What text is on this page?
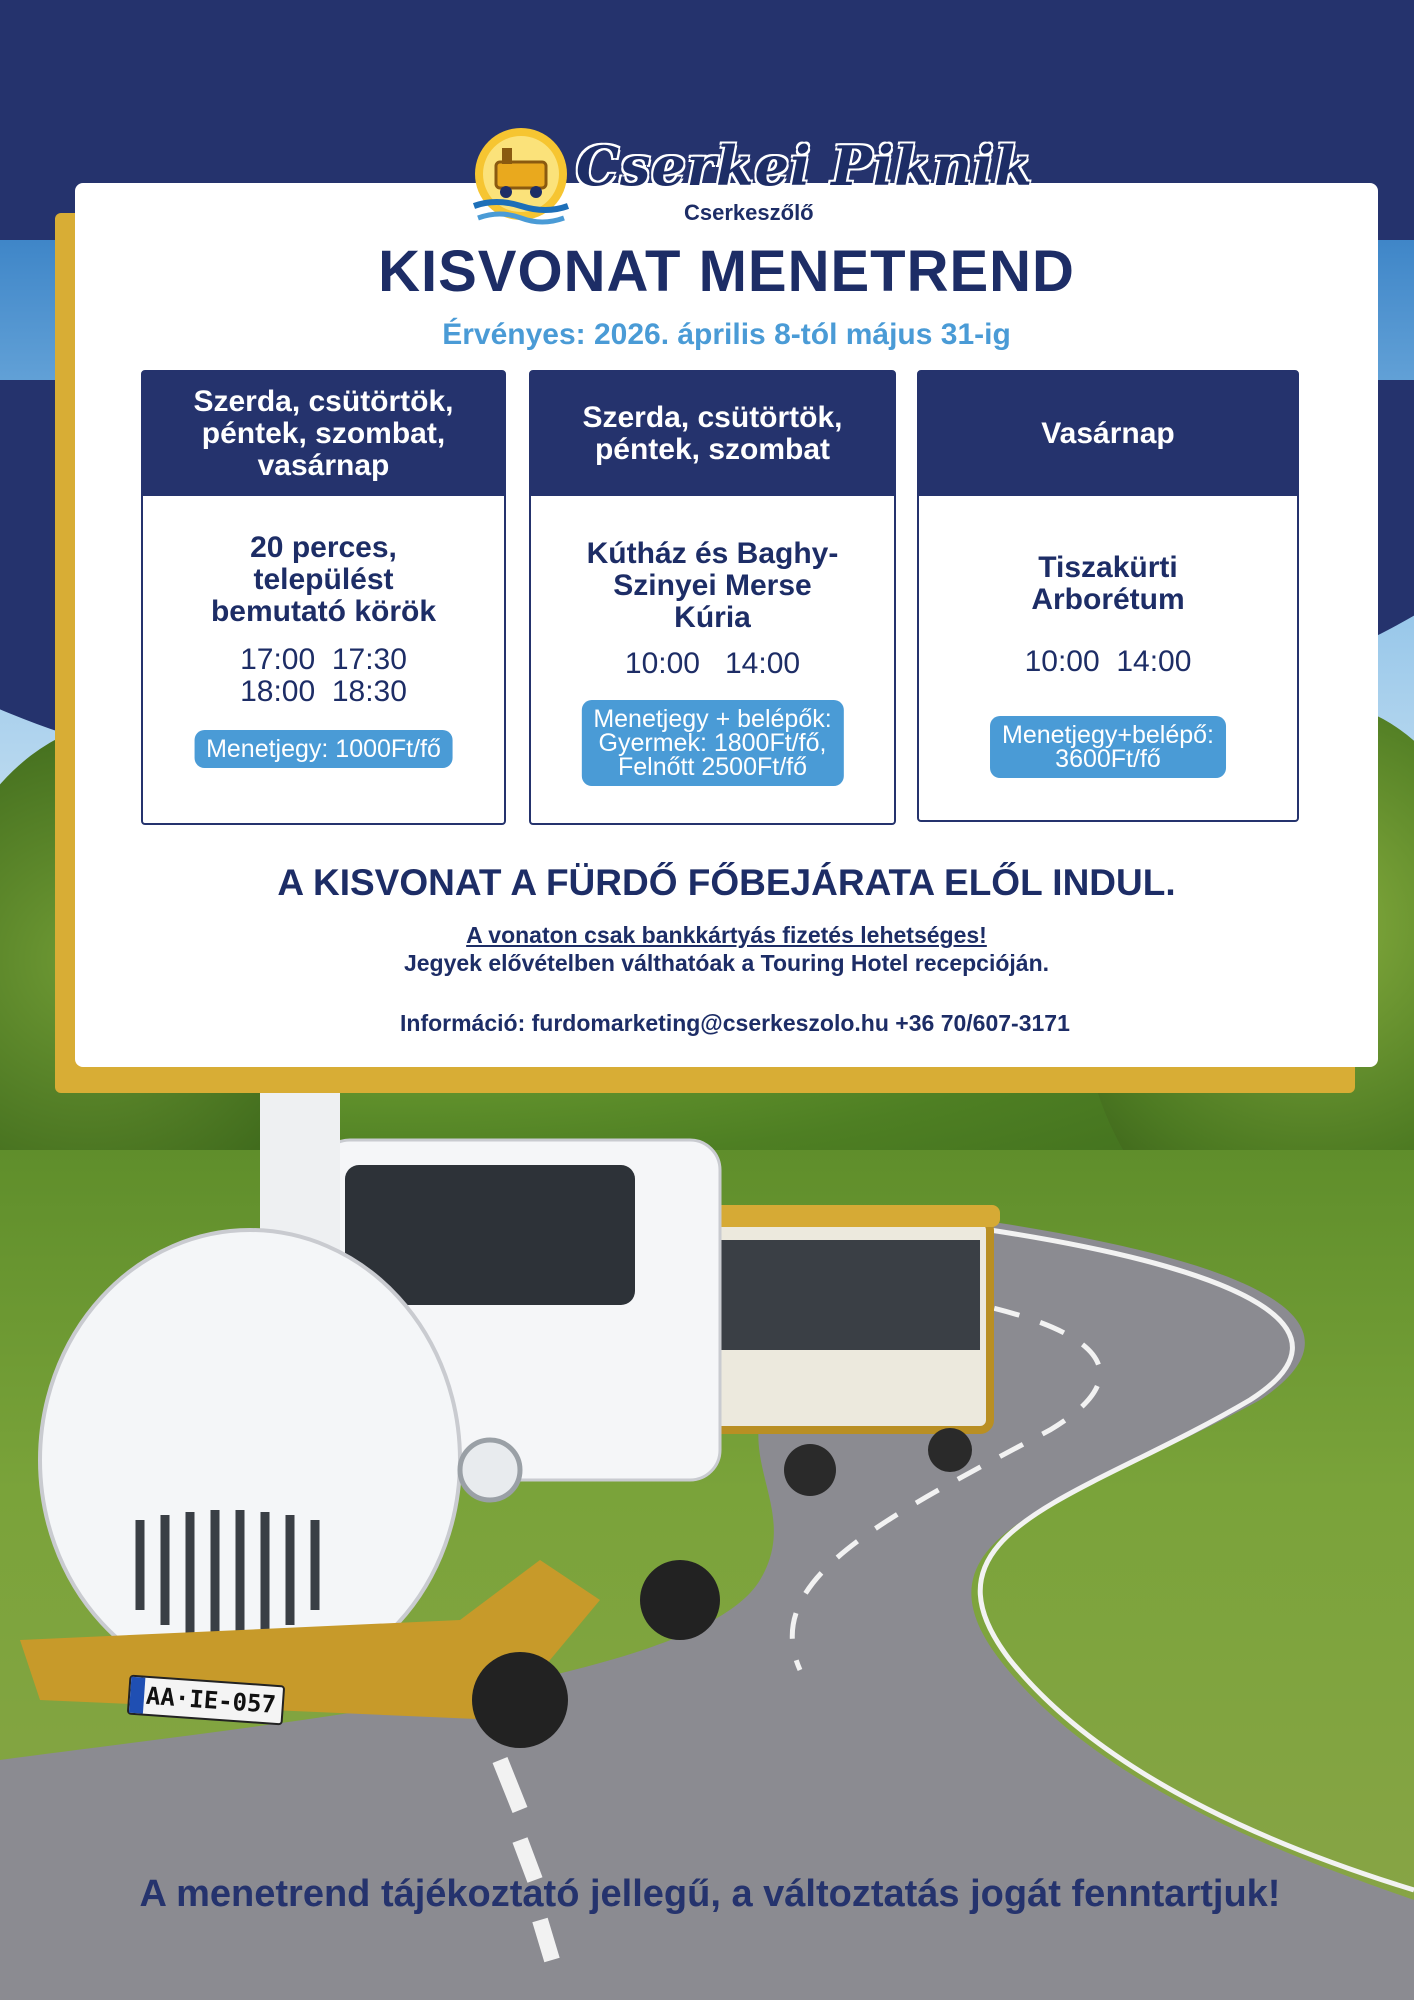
AA·IE-057
Cserkei Piknik
Cserkeszőlő
KISVONAT MENETREND
Érvényes: 2026. április 8-tól május 31-ig
Szerda, csütörtök, péntek, szombat, vasárnap
20 perces, települést bemutató körök
17:00  17:30
18:00  18:30
Menetjegy: 1000Ft/fő
Szerda, csütörtök, péntek, szombat
Kútház és Baghy-Szinyei Merse Kúria
10:00   14:00
Menetjegy + belépők:
Gyermek: 1800Ft/fő,
Felnőtt 2500Ft/fő
Vasárnap
Tiszakürti Arborétum
10:00  14:00
Menetjegy+belépő:
3600Ft/fő
A KISVONAT A FÜRDŐ FŐBEJÁRATA ELŐL INDUL.
A vonaton csak bankkártyás fizetés lehetséges!
Jegyek elővételben válthatóak a Touring Hotel recepcióján.
Információ: furdomarketing@cserkeszolo.hu +36 70/607-3171
A menetrend tájékoztató jellegű, a változtatás jogát fenntartjuk!
